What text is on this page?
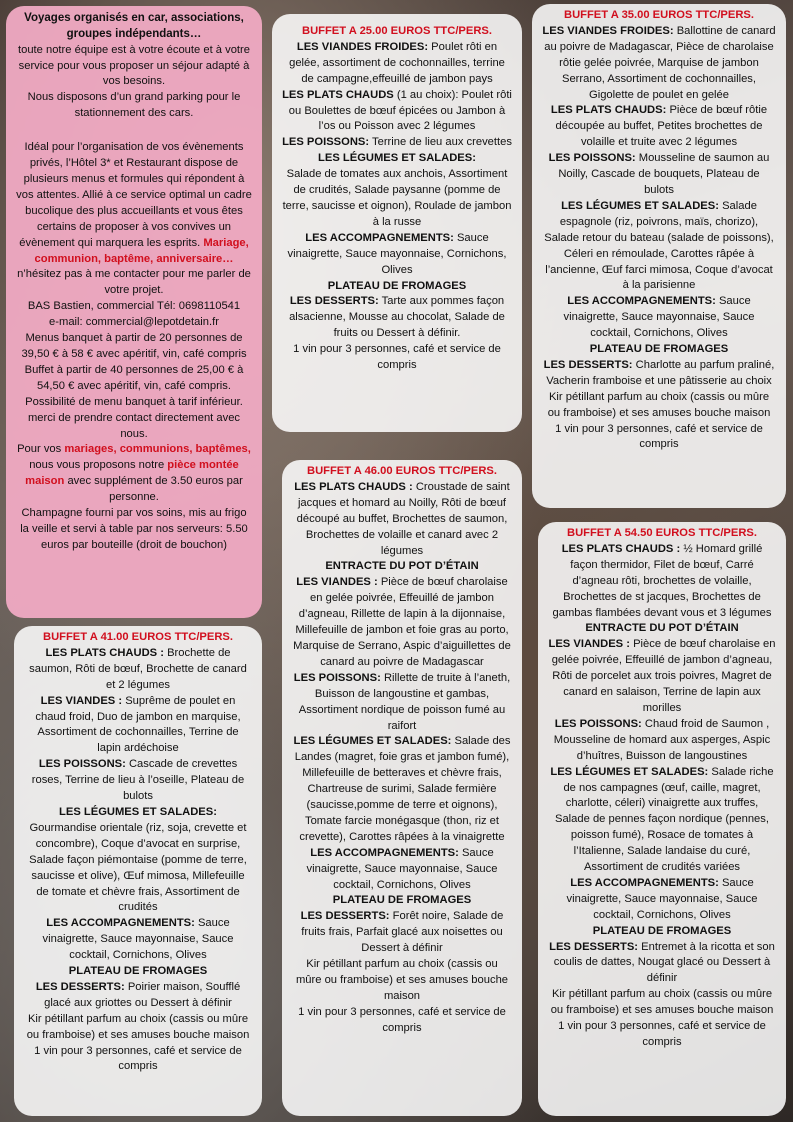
Voyages organisés en car, associations,

groupes indépendants…

toute notre équipe est à votre écoute et à votre service pour vous proposer un séjour adapté à vos besoins.

Nous disposons d’un grand parking pour le stationnement des cars.

Idéal pour l’organisation de vos évènements privés, l’Hôtel 3* et Restaurant dispose de plusieurs menus et formules qui répondent à vos attentes. Allié à ce service optimal un cadre bucolique des plus accueillants et vous êtes certains de proposer à vos convives un évènement qui marquera les esprits. Mariage, communion, baptême, anniversaire…

n’hésitez pas à me contacter pour me parler de votre projet.

BAS Bastien, commercial Tél: 0698110541

e-mail: commercial@lepotdetain.fr

Menus banquet à partir de 20 personnes de 39,50 € à 58 € avec apéritif, vin, café compris

Buffet à partir de 40 personnes de 25,00 € à 54,50 € avec apéritif, vin, café compris.

Possibilité de menu banquet à tarif inférieur.

merci de prendre contact directement avec nous.

Pour vos mariages, communions, baptêmes, nous vous proposons notre pièce montée maison avec supplément de 3.50 euros par personne.

Champagne fourni par vos soins, mis au frigo la veille et servi à table par nos serveurs: 5.50 euros par bouteille (droit de bouchon)

BUFFET A 25.00 EUROS TTC/PERS.

LES VIANDES FROIDES: Poulet rôti en gelée, assortiment de cochonnailles, terrine de campagne,effeuillé de jambon pays

LES PLATS CHAUDS (1 au choix): Poulet rôti ou Boulettes de bœuf épicées ou Jambon à l’os ou Poisson avec 2 légumes

LES POISSONS: Terrine de lieu aux crevettes

LES LÉGUMES ET SALADES:

Salade de tomates aux anchois, Assortiment de crudités, Salade paysanne (pomme de terre, saucisse et oignon), Roulade de jambon à la russe

LES ACCOMPAGNEMENTS: Sauce vinaigrette, Sauce mayonnaise, Cornichons, Olives

PLATEAU DE FROMAGES

LES DESSERTS: Tarte aux pommes façon alsacienne, Mousse au chocolat, Salade de fruits ou Dessert à définir.

1 vin pour 3 personnes, café et service de compris

BUFFET A 35.00 EUROS TTC/PERS.

LES VIANDES FROIDES: Ballottine de canard au poivre de Madagascar, Pièce de charolaise rôtie gelée poivrée, Marquise de jambon Serrano, Assortiment de cochonnailles, Gigolette de poulet en gelée

LES PLATS CHAUDS: Pièce de bœuf rôtie découpée au buffet, Petites brochettes de volaille et truite avec 2 légumes

LES POISSONS: Mousseline de saumon au Noilly, Cascade de bouquets, Plateau de bulots

LES LÉGUMES ET SALADES: Salade espagnole (riz, poivrons, maïs, chorizo), Salade retour du bateau (salade de poissons), Céleri en rémoulade, Carottes râpée à l’ancienne, Œuf farci mimosa, Coque d’avocat à la parisienne

LES ACCOMPAGNEMENTS: Sauce vinaigrette, Sauce mayonnaise, Sauce cocktail, Cornichons, Olives

PLATEAU DE FROMAGES

LES DESSERTS: Charlotte au parfum praliné, Vacherin framboise et une pâtisserie au choix

Kir pétillant parfum au choix (cassis ou mûre ou framboise) et ses amuses bouche maison

1 vin pour 3 personnes, café et service de compris

BUFFET A 46.00 EUROS TTC/PERS.

LES PLATS CHAUDS : Croustade de saint jacques et homard au Noilly, Rôti de bœuf découpé au buffet, Brochettes de saumon, Brochettes de volaille et canard avec 2 légumes

ENTRACTE DU POT D’ÉTAIN

LES VIANDES : Pièce de bœuf charolaise en gelée poivrée, Effeuillé de jambon d’agneau, Rillette de lapin à la dijonnaise, Millefeuille de jambon et foie gras au porto, Marquise de Serrano, Aspic d’aiguillettes de canard au poivre de Madagascar

LES POISSONS: Rillette de truite à l’aneth, Buisson de langoustine et gambas, Assortiment nordique de poisson fumé au raifort

LES LÉGUMES ET SALADES: Salade des Landes (magret, foie gras et jambon fumé), Millefeuille de betteraves et chèvre frais, Chartreuse de surimi, Salade fermière (saucisse,pomme de terre et oignons), Tomate farcie monégasque (thon, riz et crevette), Carottes râpées à la vinaigrette

LES ACCOMPAGNEMENTS: Sauce vinaigrette, Sauce mayonnaise, Sauce cocktail, Cornichons, Olives

PLATEAU DE FROMAGES

LES DESSERTS: Forêt noire, Salade de fruits frais, Parfait glacé aux noisettes ou Dessert à définir

Kir pétillant parfum au choix (cassis ou mûre ou framboise) et ses amuses bouche maison

1 vin pour 3 personnes, café et service de compris

BUFFET A 41.00 EUROS TTC/PERS.

LES PLATS CHAUDS : Brochette de saumon, Rôti de bœuf, Brochette de canard et 2 légumes

LES VIANDES : Suprême de poulet en chaud froid, Duo de jambon en marquise, Assortiment de cochonnailles, Terrine de lapin ardéchoise

LES POISSONS: Cascade de crevettes roses, Terrine de lieu à l’oseille, Plateau de bulots

LES LÉGUMES ET SALADES: Gourmandise orientale (riz, soja, crevette et concombre), Coque d’avocat en surprise, Salade façon piémontaise (pomme de terre, saucisse et olive), Œuf mimosa, Millefeuille de tomate et chèvre frais, Assortiment de crudités

LES ACCOMPAGNEMENTS: Sauce vinaigrette, Sauce mayonnaise, Sauce cocktail, Cornichons, Olives

PLATEAU DE FROMAGES

LES DESSERTS: Poirier maison, Soufflé glacé aux griottes ou Dessert à définir

Kir pétillant parfum au choix (cassis ou mûre ou framboise) et ses amuses bouche maison

1 vin pour 3 personnes, café et service de compris

BUFFET A 54.50 EUROS TTC/PERS.

LES PLATS CHAUDS : ½ Homard grillé façon thermidor, Filet de bœuf, Carré d’agneau rôti, brochettes de volaille, Brochettes de st jacques, Brochettes de gambas flambées devant vous et 3 légumes

ENTRACTE DU POT D’ÉTAIN

LES VIANDES : Pièce de bœuf charolaise en gelée poivrée, Effeuillé de jambon d’agneau, Rôti de porcelet aux trois poivres, Magret de canard en salaison, Terrine de lapin aux morilles

LES POISSONS: Chaud froid de Saumon , Mousseline de homard aux asperges, Aspic d’huîtres, Buisson de langoustines

LES LÉGUMES ET SALADES: Salade riche de nos campagnes (œuf, caille, magret, charlotte, céleri) vinaigrette aux truffes, Salade de pennes façon nordique (pennes, poisson fumé), Rosace de tomates à l’Italienne, Salade landaise du curé, Assortiment de crudités variées

LES ACCOMPAGNEMENTS: Sauce vinaigrette, Sauce mayonnaise, Sauce cocktail, Cornichons, Olives

PLATEAU DE FROMAGES

LES DESSERTS: Entremet à la ricotta et son coulis de dattes, Nougat glacé ou Dessert à définir

Kir pétillant parfum au choix (cassis ou mûre ou framboise) et ses amuses bouche maison

1 vin pour 3 personnes, café et service de compris
